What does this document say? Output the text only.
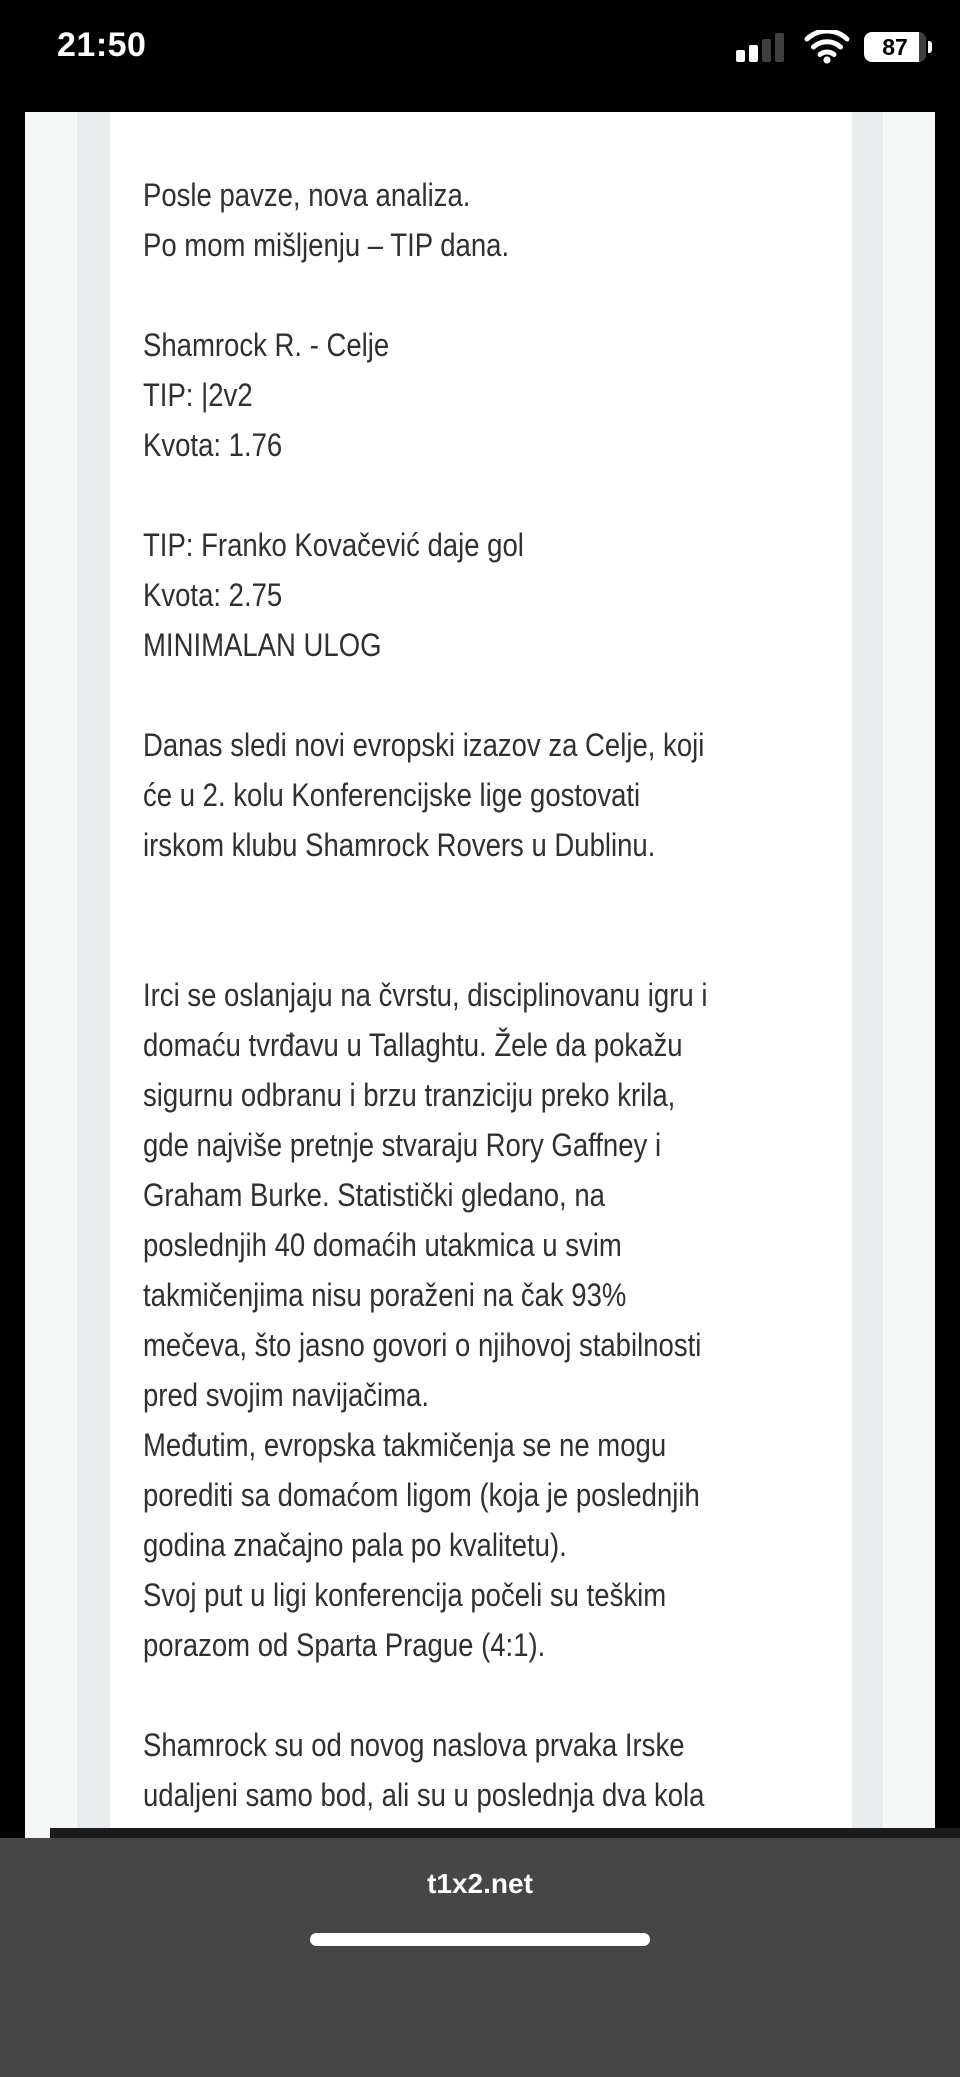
21:50	87
Posle pavze, nova analiza.
Po mom mišljenju – TIP dana.
Shamrock R. - Celje
TIP: |2v2
Kvota: 1.76
TIP: Franko Kovačević daje gol
Kvota: 2.75
MINIMALAN ULOG
Danas sledi novi evropski izazov za Celje, koji
će u 2. kolu Konferencijske lige gostovati
irskom klubu Shamrock Rovers u Dublinu.
Irci se oslanjaju na čvrstu, disciplinovanu igru i
domaću tvrđavu u Tallaghtu. Žele da pokažu
sigurnu odbranu i brzu tranziciju preko krila,
gde najviše pretnje stvaraju Rory Gaffney i
Graham Burke. Statistički gledano, na
poslednjih 40 domaćih utakmica u svim
takmičenjima nisu poraženi na čak 93%
mečeva, što jasno govori o njihovoj stabilnosti
pred svojim navijačima.
Međutim, evropska takmičenja se ne mogu
porediti sa domaćom ligom (koja je poslednjih
godina značajno pala po kvalitetu).
Svoj put u ligi konferencija počeli su teškim
porazom od Sparta Prague (4:1).
Shamrock su od novog naslova prvaka Irske
udaljeni samo bod, ali su u poslednja dva kola
t1x2.net
